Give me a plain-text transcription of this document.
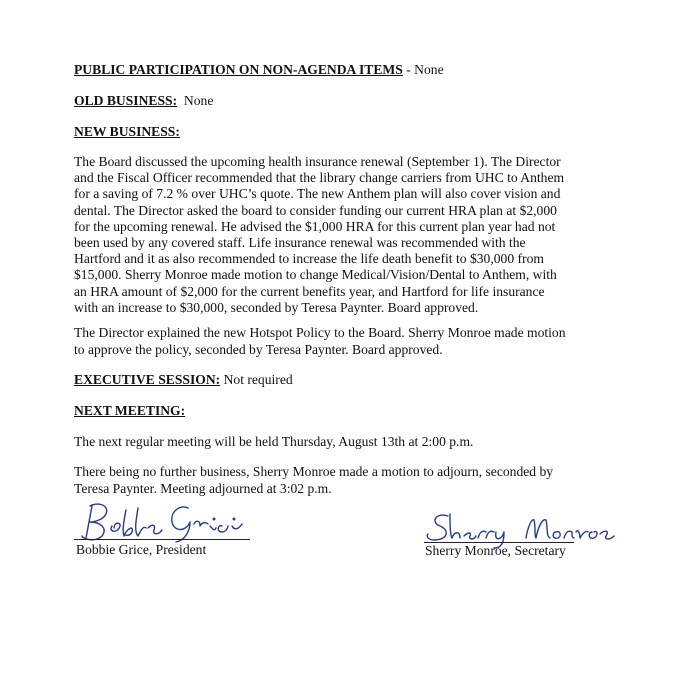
PUBLIC PARTICIPATION ON NON-AGENDA ITEMS - None
OLD BUSINESS:  None
NEW BUSINESS:
The Board discussed the upcoming health insurance renewal (September 1). The Director
and the Fiscal Officer recommended that the library change carriers from UHC to Anthem
for a saving of 7.2 % over UHC’s quote. The new Anthem plan will also cover vision and
dental. The Director asked the board to consider funding our current HRA plan at $2,000
for the upcoming renewal. He advised the $1,000 HRA for this current plan year had not
been used by any covered staff. Life insurance renewal was recommended with the
Hartford and it as also recommended to increase the life death benefit to $30,000 from
$15,000. Sherry Monroe made motion to change Medical/Vision/Dental to Anthem, with
an HRA amount of $2,000 for the current benefits year, and Hartford for life insurance
with an increase to $30,000, seconded by Teresa Paynter. Board approved.
The Director explained the new Hotspot Policy to the Board. Sherry Monroe made motion
to approve the policy, seconded by Teresa Paynter. Board approved.
EXECUTIVE SESSION: Not required
NEXT MEETING:
The next regular meeting will be held Thursday, August 13th at 2:00 p.m.
There being no further business, Sherry Monroe made a motion to adjourn, seconded by
Teresa Paynter. Meeting adjourned at 3:02 p.m.
Bobbie Grice, President	Sherry Monroe, Secretary
